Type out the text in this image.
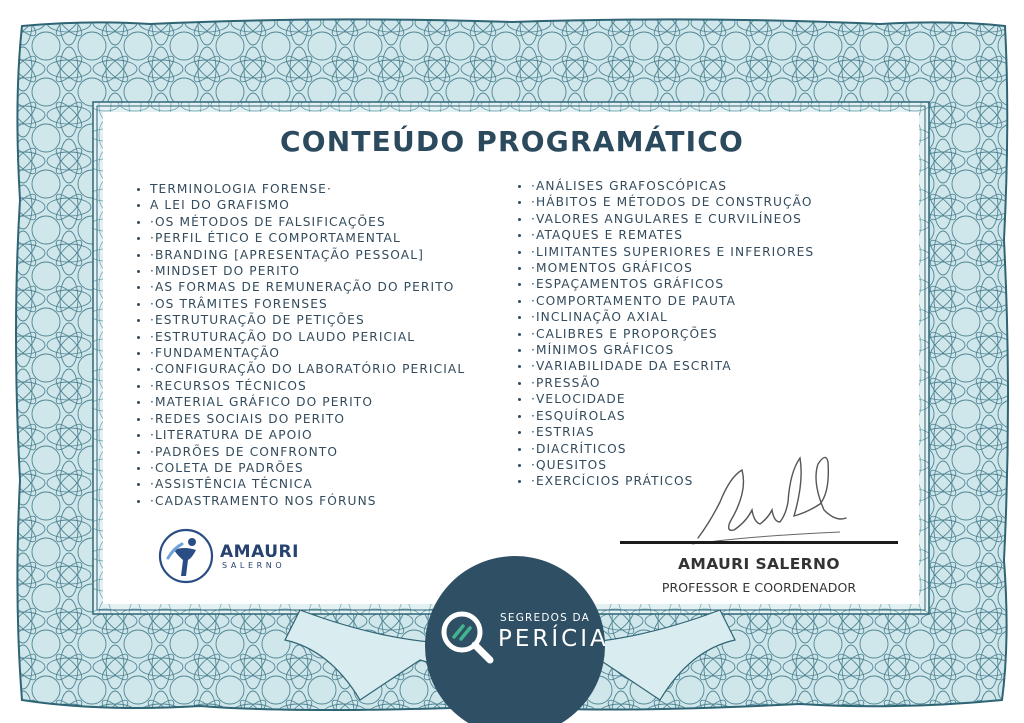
CONTEÚDO PROGRAMÁTICO
TERMINOLOGIA FORENSE·
A LEI DO GRAFISMO
·OS MÉTODOS DE FALSIFICAÇÕES
·PERFIL ÉTICO E COMPORTAMENTAL
·BRANDING [APRESENTAÇÃO PESSOAL]
·MINDSET DO PERITO
·AS FORMAS DE REMUNERAÇÃO DO PERITO
·OS TRÂMITES FORENSES
·ESTRUTURAÇÃO DE PETIÇÕES
·ESTRUTURAÇÃO DO LAUDO PERICIAL
·FUNDAMENTAÇÃO
·CONFIGURAÇÃO DO LABORATÓRIO PERICIAL
·RECURSOS TÉCNICOS
·MATERIAL GRÁFICO DO PERITO
·REDES SOCIAIS DO PERITO
·LITERATURA DE APOIO
·PADRÕES DE CONFRONTO
·COLETA DE PADRÕES
·ASSISTÊNCIA TÉCNICA
·CADASTRAMENTO NOS FÓRUNS
·ANÁLISES GRAFOSCÓPICAS
·HÁBITOS E MÉTODOS DE CONSTRUÇÃO
·VALORES ANGULARES E CURVILÍNEOS
·ATAQUES E REMATES
·LIMITANTES SUPERIORES E INFERIORES
·MOMENTOS GRÁFICOS
·ESPAÇAMENTOS GRÁFICOS
·COMPORTAMENTO DE PAUTA
·INCLINAÇÃO AXIAL
·CALIBRES E PROPORÇÕES
·MÍNIMOS GRÁFICOS
·VARIABILIDADE DA ESCRITA
·PRESSÃO
·VELOCIDADE
·ESQUÍROLAS
·ESTRIAS
·DIACRÍTICOS
·QUESITOS
·EXERCÍCIOS PRÁTICOS
AMAURI
SALERNO	AMAURI SALERNO
PROFESSOR E COORDENADOR
SEGREDOS DA
PERÍCIA
